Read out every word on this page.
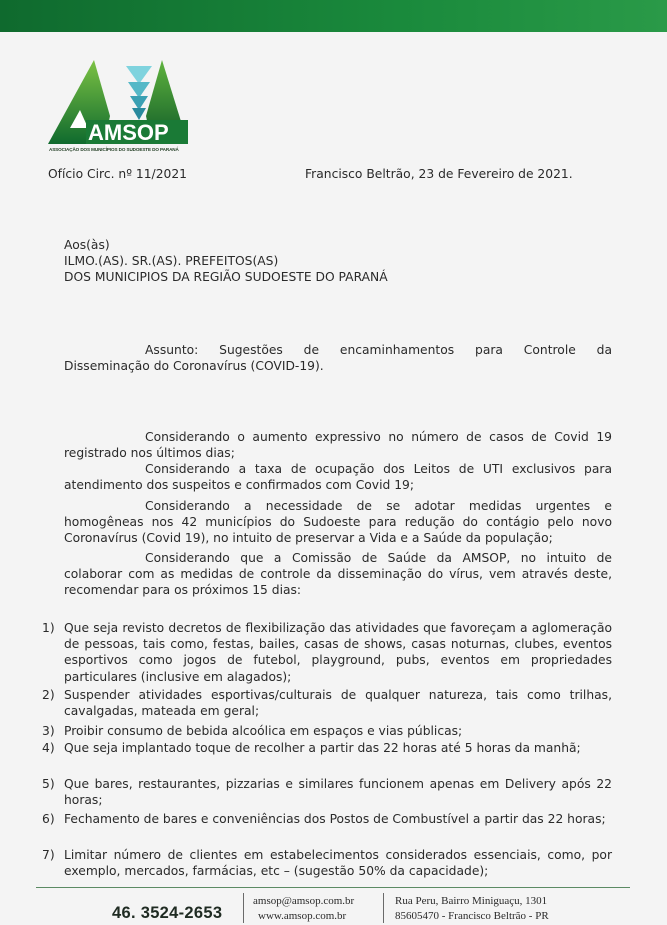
AMSOP
ASSOCIAÇÃO DOS MUNICÍPIOS DO SUDOESTE DO PARANÁ
Ofício Circ. nº 11/2021	Francisco Beltrão, 23 de Fevereiro de 2021.
Aos(às)
ILMO.(AS). SR.(AS). PREFEITOS(AS)
DOS MUNICIPIOS DA REGIÃO SUDOESTE DO PARANÁ
Assunto: Sugestões de encaminhamentos para Controle da
Disseminação do Coronavírus (COVID-19).
Considerando o aumento expressivo no número de casos de Covid 19
registrado nos últimos dias;
Considerando a taxa de ocupação dos Leitos de UTI exclusivos para
atendimento dos suspeitos e confirmados com Covid 19;
Considerando a necessidade de se adotar medidas urgentes e
homogêneas nos 42 municípios do Sudoeste para redução do contágio pelo novo Coronavírus (Covid 19), no intuito de preservar a Vida e a Saúde da população;
Considerando que a Comissão de Saúde da AMSOP, no intuito de
colaborar com as medidas de controle da disseminação do vírus, vem através deste, recomendar para os próximos 15 dias:
1) Que seja revisto decretos de flexibilização das atividades que favoreçam a aglomeração de pessoas, tais como, festas, bailes, casas de shows, casas noturnas, clubes, eventos esportivos como jogos de futebol, playground, pubs, eventos em propriedades particulares (inclusive em alagados);
2) Suspender atividades esportivas/culturais de qualquer natureza, tais como trilhas, cavalgadas, mateada em geral;
3) Proibir consumo de bebida alcoólica em espaços e vias públicas;
4) Que seja implantado toque de recolher a partir das 22 horas até 5 horas da manhã;
5) Que bares, restaurantes, pizzarias e similares funcionem apenas em Delivery após 22 horas;
6) Fechamento de bares e conveniências dos Postos de Combustível a partir das 22 horas;
7) Limitar número de clientes em estabelecimentos considerados essenciais, como, por exemplo, mercados, farmácias, etc – (sugestão 50% da capacidade);
46. 3524-2653
amsop@amsop.com.br
www.amsop.com.br
Rua Peru, Bairro Miniguaçu, 1301
85605470 - Francisco Beltrão - PR
